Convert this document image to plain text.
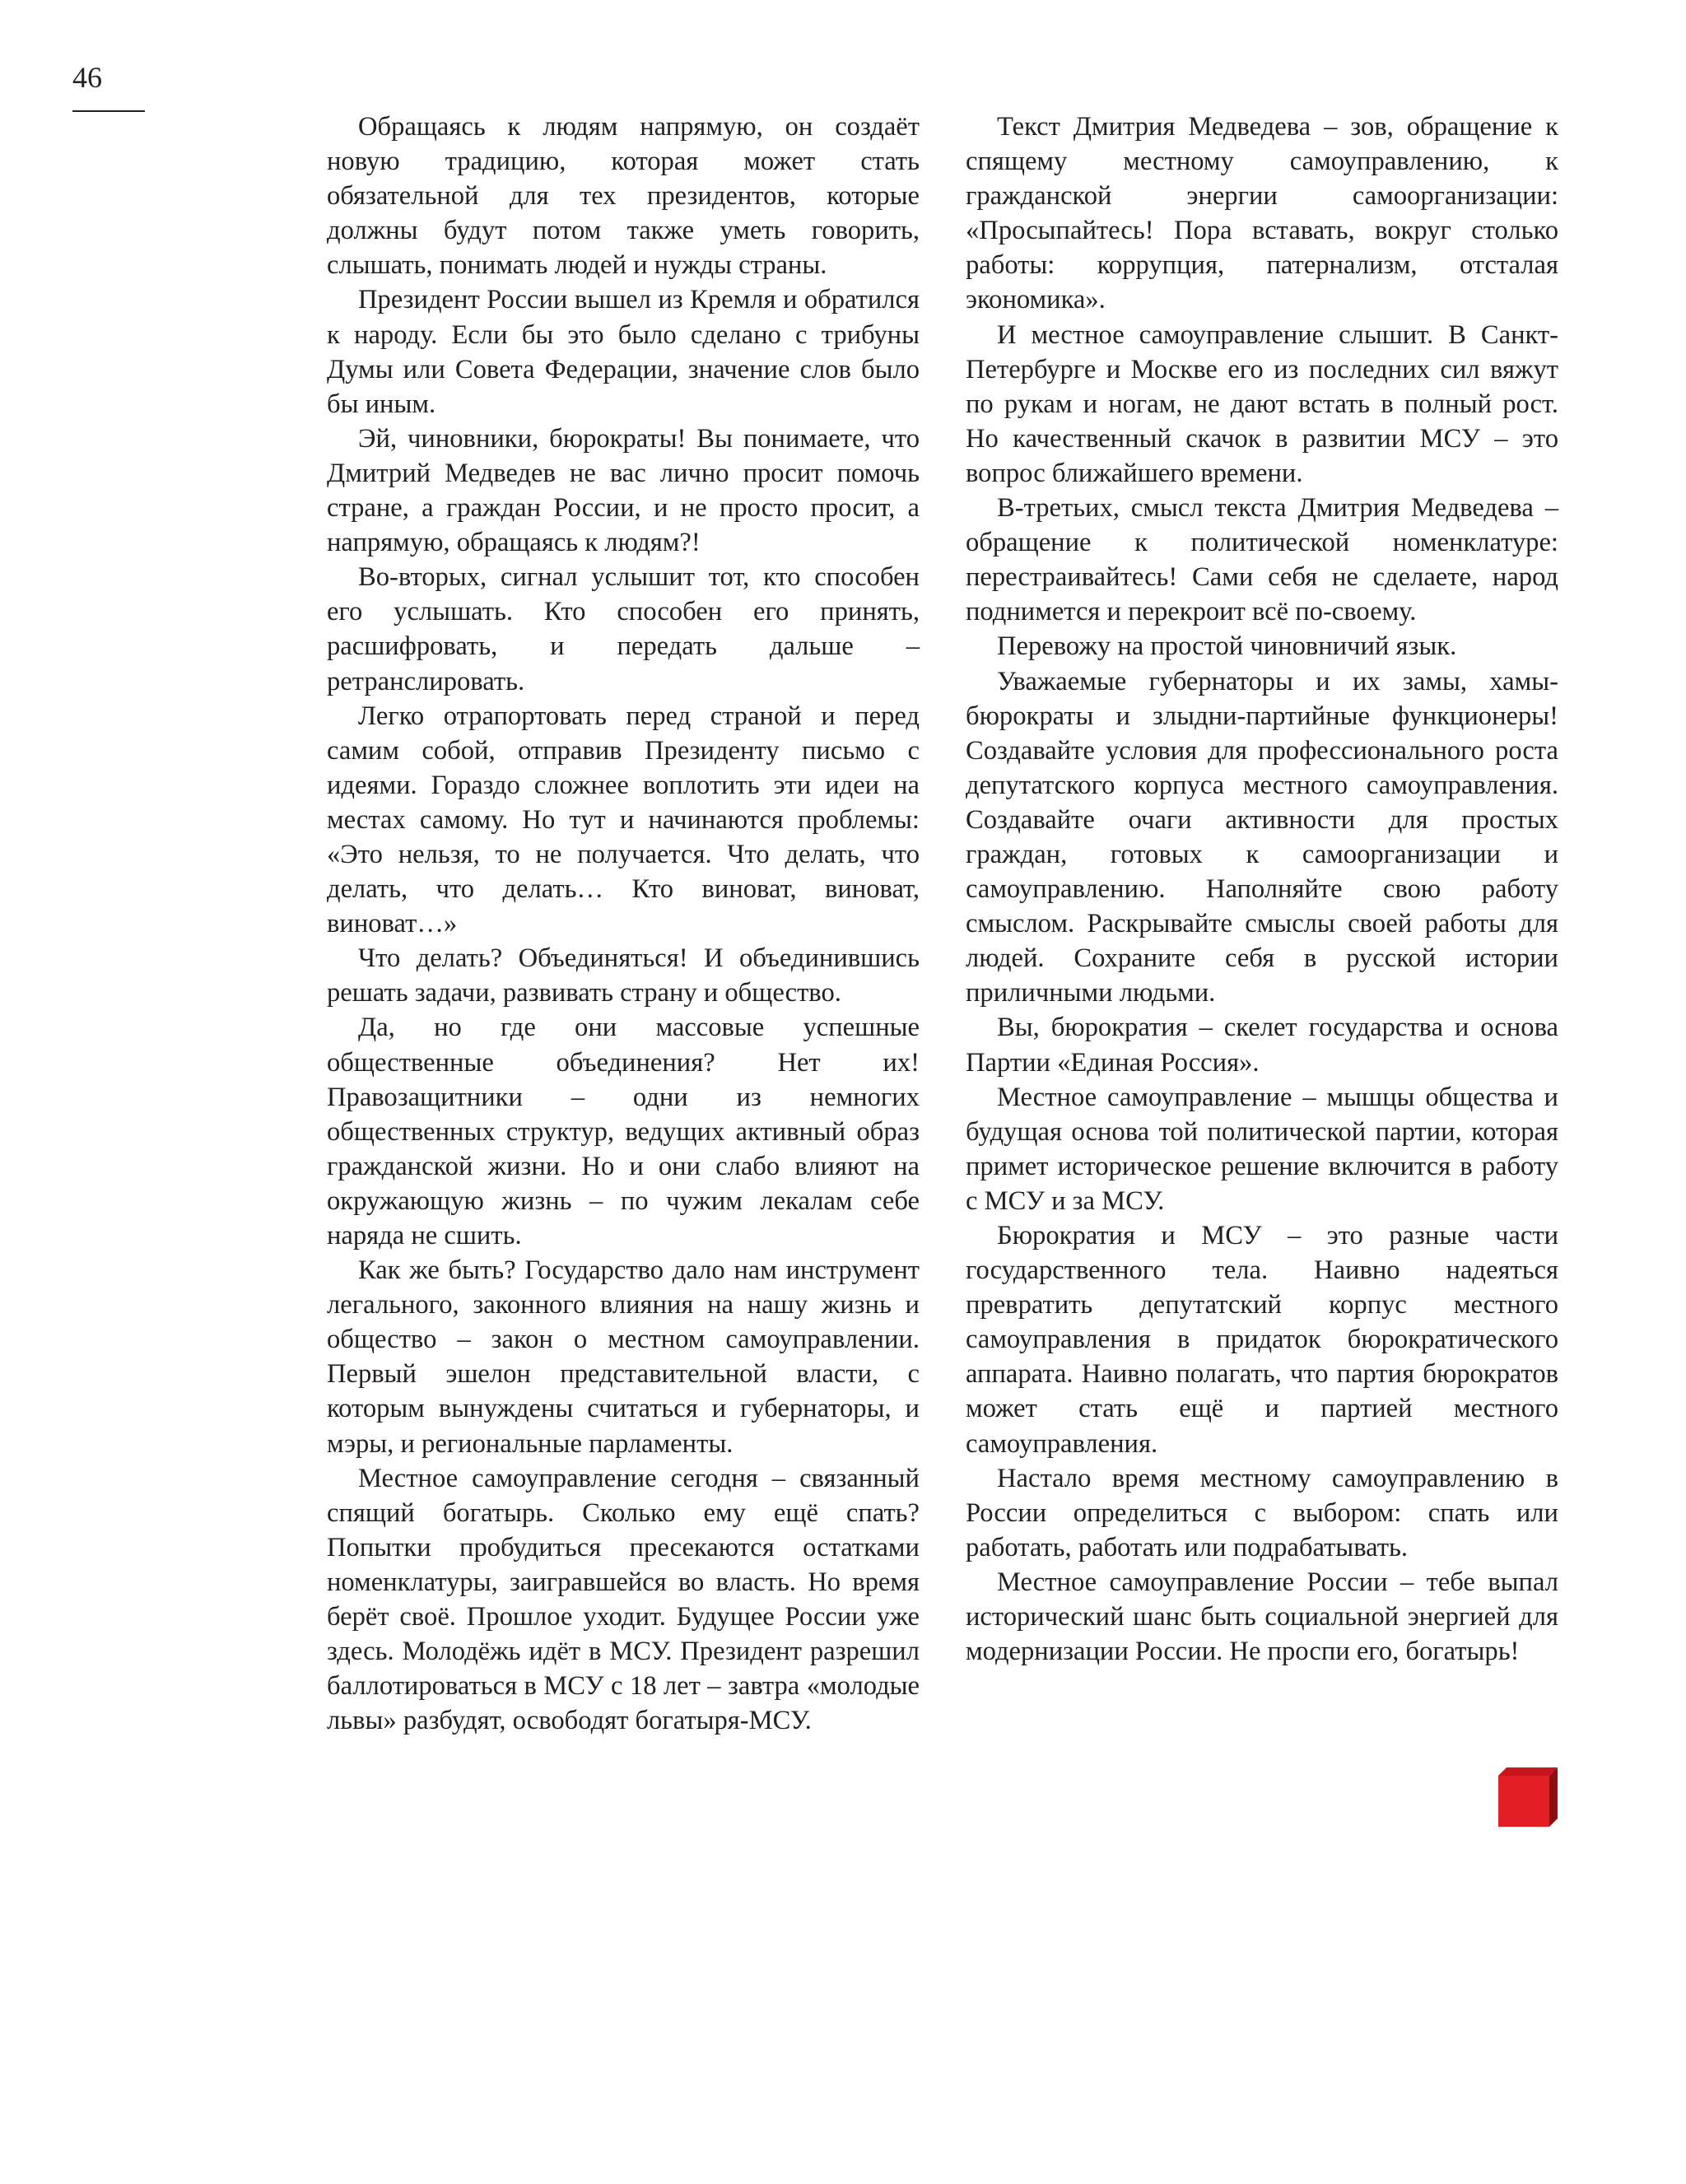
46

Обращаясь к людям напрямую, он создаёт новую традицию, которая может стать обязательной для тех президентов, которые должны будут потом также уметь говорить, слышать, понимать людей и нужды страны.

Президент России вышел из Кремля и обратился к народу. Если бы это было сделано с трибуны Думы или Совета Федерации, значение слов было бы иным.

Эй, чиновники, бюрократы! Вы понимаете, что Дмитрий Медведев не вас лично просит помочь стране, а граждан России, и не просто просит, а напрямую, обращаясь к людям?!

Во-вторых, сигнал услышит тот, кто способен его услышать. Кто способен его принять, расшифровать, и передать дальше – ретранслировать.

Легко отрапортовать перед страной и перед самим собой, отправив Президенту письмо с идеями. Гораздо сложнее воплотить эти идеи на местах самому. Но тут и начинаются проблемы: «Это нельзя, то не получается. Что делать, что делать, что делать… Кто виноват, виноват, виноват…»

Что делать? Объединяться! И объединившись решать задачи, развивать страну и общество.

Да, но где они массовые успешные общественные объединения? Нет их! Правозащитники – одни из немногих общественных структур, ведущих активный образ гражданской жизни. Но и они слабо влияют на окружающую жизнь – по чужим лекалам себе наряда не сшить.

Как же быть? Государство дало нам инструмент легального, законного влияния на нашу жизнь и общество – закон о местном самоуправлении. Первый эшелон представительной власти, с которым вынуждены считаться и губернаторы, и мэры, и региональные парламенты.

Местное самоуправление сегодня – связанный спящий богатырь. Сколько ему ещё спать? Попытки пробудиться пресекаются остатками номенклатуры, заигравшейся во власть. Но время берёт своё. Прошлое уходит. Будущее России уже здесь. Молодёжь идёт в МСУ. Президент разрешил баллотироваться в МСУ с 18 лет – завтра «молодые львы» разбудят, освободят богатыря-МСУ.

Текст Дмитрия Медведева – зов, обращение к спящему местному самоуправлению, к гражданской энергии самоорганизации: «Просыпайтесь! Пора вставать, вокруг столько работы: коррупция, патернализм, отсталая экономика».

И местное самоуправление слышит. В Санкт-Петербурге и Москве его из последних сил вяжут по рукам и ногам, не дают встать в полный рост. Но качественный скачок в развитии МСУ – это вопрос ближайшего времени.

В-третьих, смысл текста Дмитрия Медведева – обращение к политической номенклатуре: перестраивайтесь! Сами себя не сделаете, народ поднимется и перекроит всё по-своему.

Перевожу на простой чиновничий язык.

Уважаемые губернаторы и их замы, хамы-бюрократы и злыдни-партийные функционеры! Создавайте условия для профессионального роста депутатского корпуса местного самоуправления. Создавайте очаги активности для простых граждан, готовых к самоорганизации и самоуправлению. Наполняйте свою работу смыслом. Раскрывайте смыслы своей работы для людей. Сохраните себя в русской истории приличными людьми.

Вы, бюрократия – скелет государства и основа Партии «Единая Россия».

Местное самоуправление – мышцы общества и будущая основа той политической партии, которая примет историческое решение включится в работу с МСУ и за МСУ.

Бюрократия и МСУ – это разные части государственного тела. Наивно надеяться превратить депутатский корпус местного самоуправления в придаток бюрократического аппарата. Наивно полагать, что партия бюрократов может стать ещё и партией местного самоуправления.

Настало время местному самоуправлению в России определиться с выбором: спать или работать, работать или подрабатывать.

Местное самоуправление России – тебе выпал исторический шанс быть социальной энергией для модернизации России. Не проспи его, богатырь!
